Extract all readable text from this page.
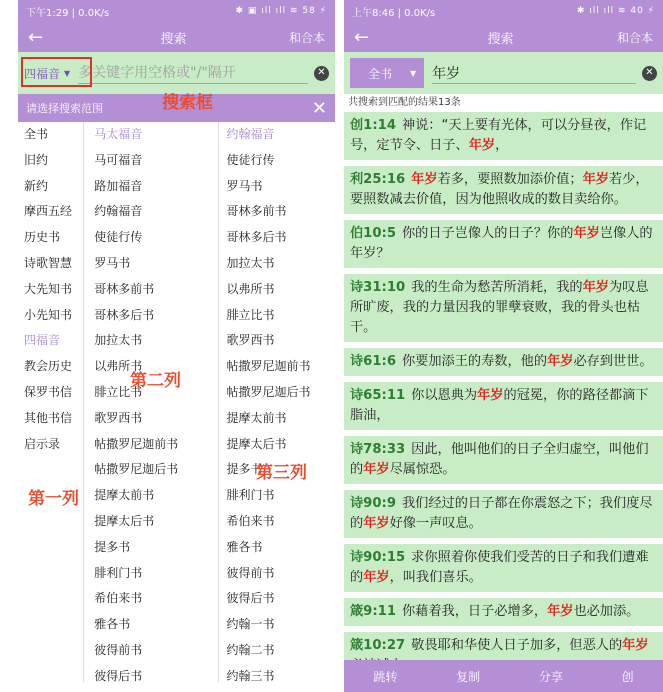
下午1:29 | 0.0K/s	✱ ▣ ıll ıll ≋ 58 ⚡
←	搜索	和合本
四福音 ▼
多关键字用空格或"/"隔开	✕
请选择搜索范围	✕
全书
旧约
新约
摩西五经
历史书
诗歌智慧
大先知书
小先知书
四福音
教会历史
保罗书信
其他书信
启示录
马太福音
马可福音
路加福音
约翰福音
使徒行传
罗马书
哥林多前书
哥林多后书
加拉太书
以弗所书
腓立比书
歌罗西书
帖撒罗尼迦前书
帖撒罗尼迦后书
提摩太前书
提摩太后书
提多书
腓利门书
希伯来书
雅各书
彼得前书
彼得后书
约翰福音
使徒行传
罗马书
哥林多前书
哥林多后书
加拉太书
以弗所书
腓立比书
歌罗西书
帖撒罗尼迦前书
帖撒罗尼迦后书
提摩太前书
提摩太后书
提多书
腓利门书
希伯来书
雅各书
彼得前书
彼得后书
约翰一书
约翰二书
约翰三书
搜索框
第二列
第三列
第一列
上午8:46 | 0.0K/s	✱ ıll ıll ≋ 40 ⚡
←	搜索	和合本
全书 ▼
年岁	✕
共搜索到匹配的结果13条
创1:14 神说：“天上要有光体，可以分昼夜，作记号，定节令、日子、年岁，
利25:16 年岁若多，要照数加添价值；年岁若少，要照数减去价值，因为他照收成的数目卖给你。
伯10:5 你的日子岂像人的日子？你的年岁岂像人的年岁？
诗31:10 我的生命为愁苦所消耗，我的年岁为叹息所旷废，我的力量因我的罪孽衰败，我的骨头也枯干。
诗61:6 你要加添王的寿数，他的年岁必存到世世。
诗65:11 你以恩典为年岁的冠冕，你的路径都滴下脂油，
诗78:33 因此，他叫他们的日子全归虚空，叫他们的年岁尽属惊恐。
诗90:9 我们经过的日子都在你震怒之下；我们度尽的年岁好像一声叹息。
诗90:15 求你照着你使我们受苦的日子和我们遭难的年岁，叫我们喜乐。
箴9:11 你藉着我，日子必增多，年岁也必加添。
箴10:27 敬畏耶和华使人日子加多，但恶人的年岁
跳转	复制	分享	创
